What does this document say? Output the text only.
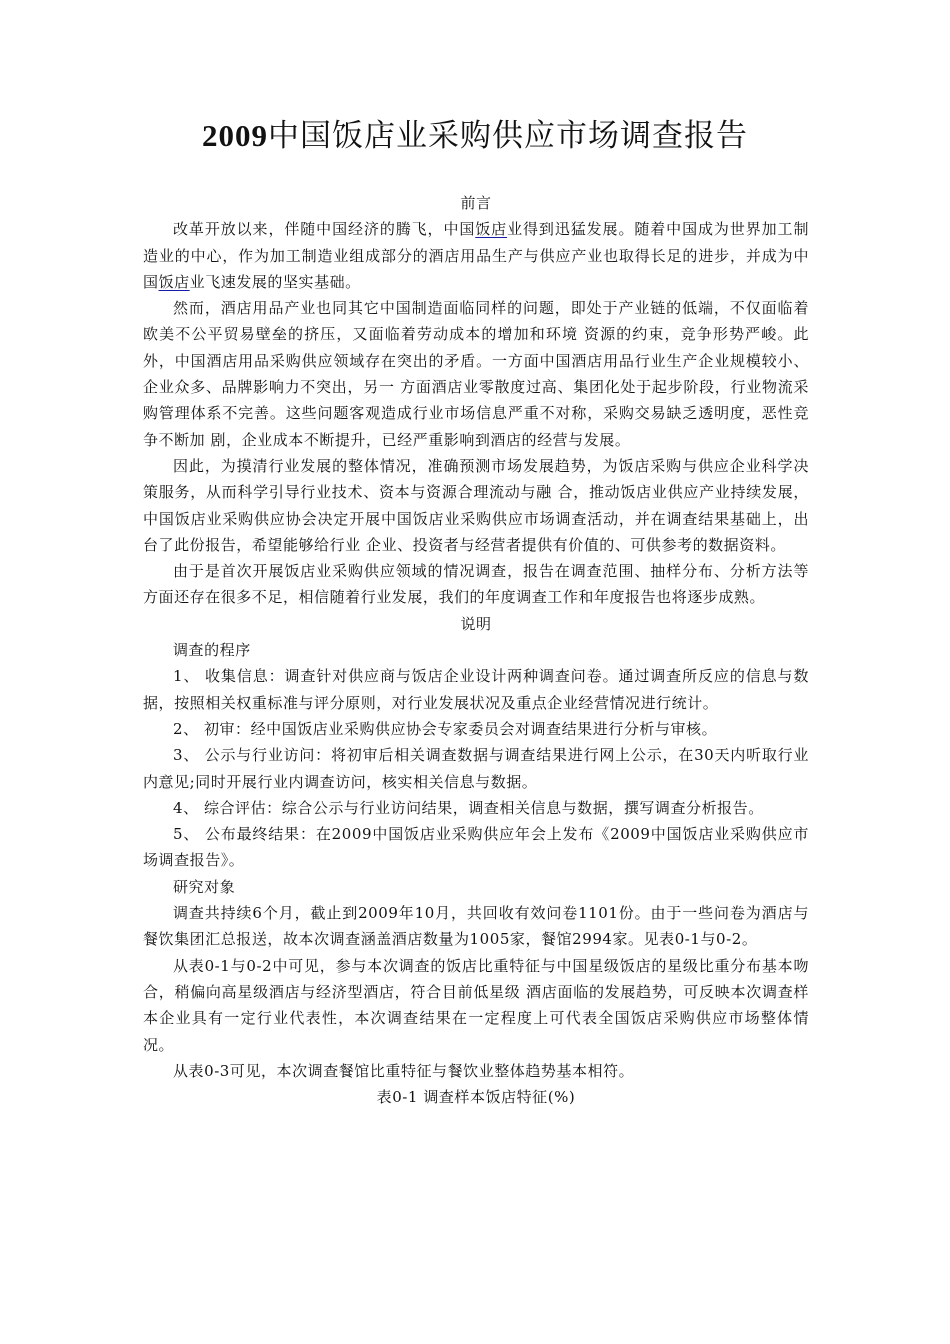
2009中国饭店业采购供应市场调查报告

前言

改革开放以来，伴随中国经济的腾飞，中国饭店业得到迅猛发展。随着中国成为世界加工制造业的中心，作为加工制造业组成部分的酒店用品生产与供应产业也取得长足的进步，并成为中国饭店业飞速发展的坚实基础。

然而，酒店用品产业也同其它中国制造面临同样的问题，即处于产业链的低端，不仅面临着欧美不公平贸易壁垒的挤压，又面临着劳动成本的增加和环境 资源的约束，竞争形势严峻。此外，中国酒店用品采购供应领域存在突出的矛盾。一方面中国酒店用品行业生产企业规模较小、企业众多、品牌影响力不突出，另一 方面酒店业零散度过高、集团化处于起步阶段，行业物流采购管理体系不完善。这些问题客观造成行业市场信息严重不对称，采购交易缺乏透明度，恶性竞争不断加 剧，企业成本不断提升，已经严重影响到酒店的经营与发展。

因此，为摸清行业发展的整体情况，准确预测市场发展趋势，为饭店采购与供应企业科学决策服务，从而科学引导行业技术、资本与资源合理流动与融 合，推动饭店业供应产业持续发展，中国饭店业采购供应协会决定开展中国饭店业采购供应市场调查活动，并在调查结果基础上，出台了此份报告，希望能够给行业 企业、投资者与经营者提供有价值的、可供参考的数据资料。

由于是首次开展饭店业采购供应领域的情况调查，报告在调查范围、抽样分布、分析方法等方面还存在很多不足，相信随着行业发展，我们的年度调查工作和年度报告也将逐步成熟。

说明

调查的程序

1、 收集信息：调查针对供应商与饭店企业设计两种调查问卷。通过调查所反应的信息与数据，按照相关权重标准与评分原则，对行业发展状况及重点企业经营情况进行统计。

2、 初审：经中国饭店业采购供应协会专家委员会对调查结果进行分析与审核。

3、 公示与行业访问：将初审后相关调查数据与调查结果进行网上公示，在30天内听取行业内意见;同时开展行业内调查访问，核实相关信息与数据。

4、 综合评估：综合公示与行业访问结果，调查相关信息与数据，撰写调查分析报告。

5、 公布最终结果：在2009中国饭店业采购供应年会上发布《2009中国饭店业采购供应市场调查报告》。

研究对象

调查共持续6个月，截止到2009年10月，共回收有效问卷1101份。由于一些问卷为酒店与餐饮集团汇总报送，故本次调查涵盖酒店数量为1005家，餐馆2994家。见表0-1与0-2。

从表0-1与0-2中可见，参与本次调查的饭店比重特征与中国星级饭店的星级比重分布基本吻合，稍偏向高星级酒店与经济型酒店，符合目前低星级 酒店面临的发展趋势，可反映本次调查样本企业具有一定行业代表性，本次调查结果在一定程度上可代表全国饭店采购供应市场整体情况。

从表0-3可见，本次调查餐馆比重特征与餐饮业整体趋势基本相符。

表0-1 调查样本饭店特征(%)
